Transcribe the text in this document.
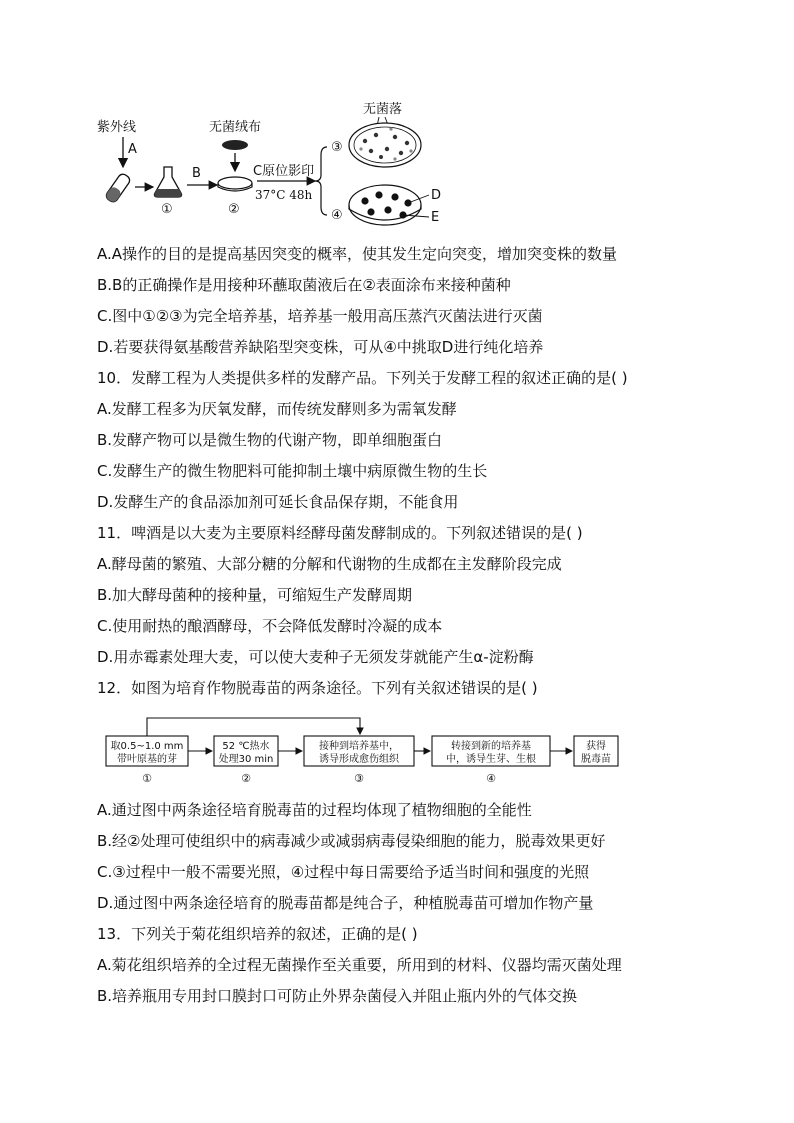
紫外线
A
①
B
无菌绒布
②
C原位影印
37°C 48h
③
无菌落
④
D
E
A.A操作的目的是提高基因突变的概率，使其发生定向突变，增加突变株的数量
B.B的正确操作是用接种环蘸取菌液后在②表面涂布来接种菌种
C.图中①②③为完全培养基，培养基一般用高压蒸汽灭菌法进行灭菌
D.若要获得氨基酸营养缺陷型突变株，可从④中挑取D进行纯化培养
10．发酵工程为人类提供多样的发酵产品。下列关于发酵工程的叙述正确的是( )
A.发酵工程多为厌氧发酵，而传统发酵则多为需氧发酵
B.发酵产物可以是微生物的代谢产物，即单细胞蛋白
C.发酵生产的微生物肥料可能抑制土壤中病原微生物的生长
D.发酵生产的食品添加剂可延长食品保存期，不能食用
11．啤酒是以大麦为主要原料经酵母菌发酵制成的。下列叙述错误的是( )
A.酵母菌的繁殖、大部分糖的分解和代谢物的生成都在主发酵阶段完成
B.加大酵母菌种的接种量，可缩短生产发酵周期
C.使用耐热的酿酒酵母，不会降低发酵时冷凝的成本
D.用赤霉素处理大麦，可以使大麦种子无须发芽就能产生α-淀粉酶
12．如图为培育作物脱毒苗的两条途径。下列有关叙述错误的是( )
取0.5~1.0 mm
带叶原基的芽
52 ℃热水
处理30 min
接种到培养基中，
诱导形成愈伤组织
转接到新的培养基
中，诱导生芽、生根
获得
脱毒苗
①	②	③	④
A.通过图中两条途径培育脱毒苗的过程均体现了植物细胞的全能性
B.经②处理可使组织中的病毒减少或减弱病毒侵染细胞的能力，脱毒效果更好
C.③过程中一般不需要光照，④过程中每日需要给予适当时间和强度的光照
D.通过图中两条途径培育的脱毒苗都是纯合子，种植脱毒苗可增加作物产量
13．下列关于菊花组织培养的叙述，正确的是( )
A.菊花组织培养的全过程无菌操作至关重要，所用到的材料、仪器均需灭菌处理
B.培养瓶用专用封口膜封口可防止外界杂菌侵入并阻止瓶内外的气体交换
